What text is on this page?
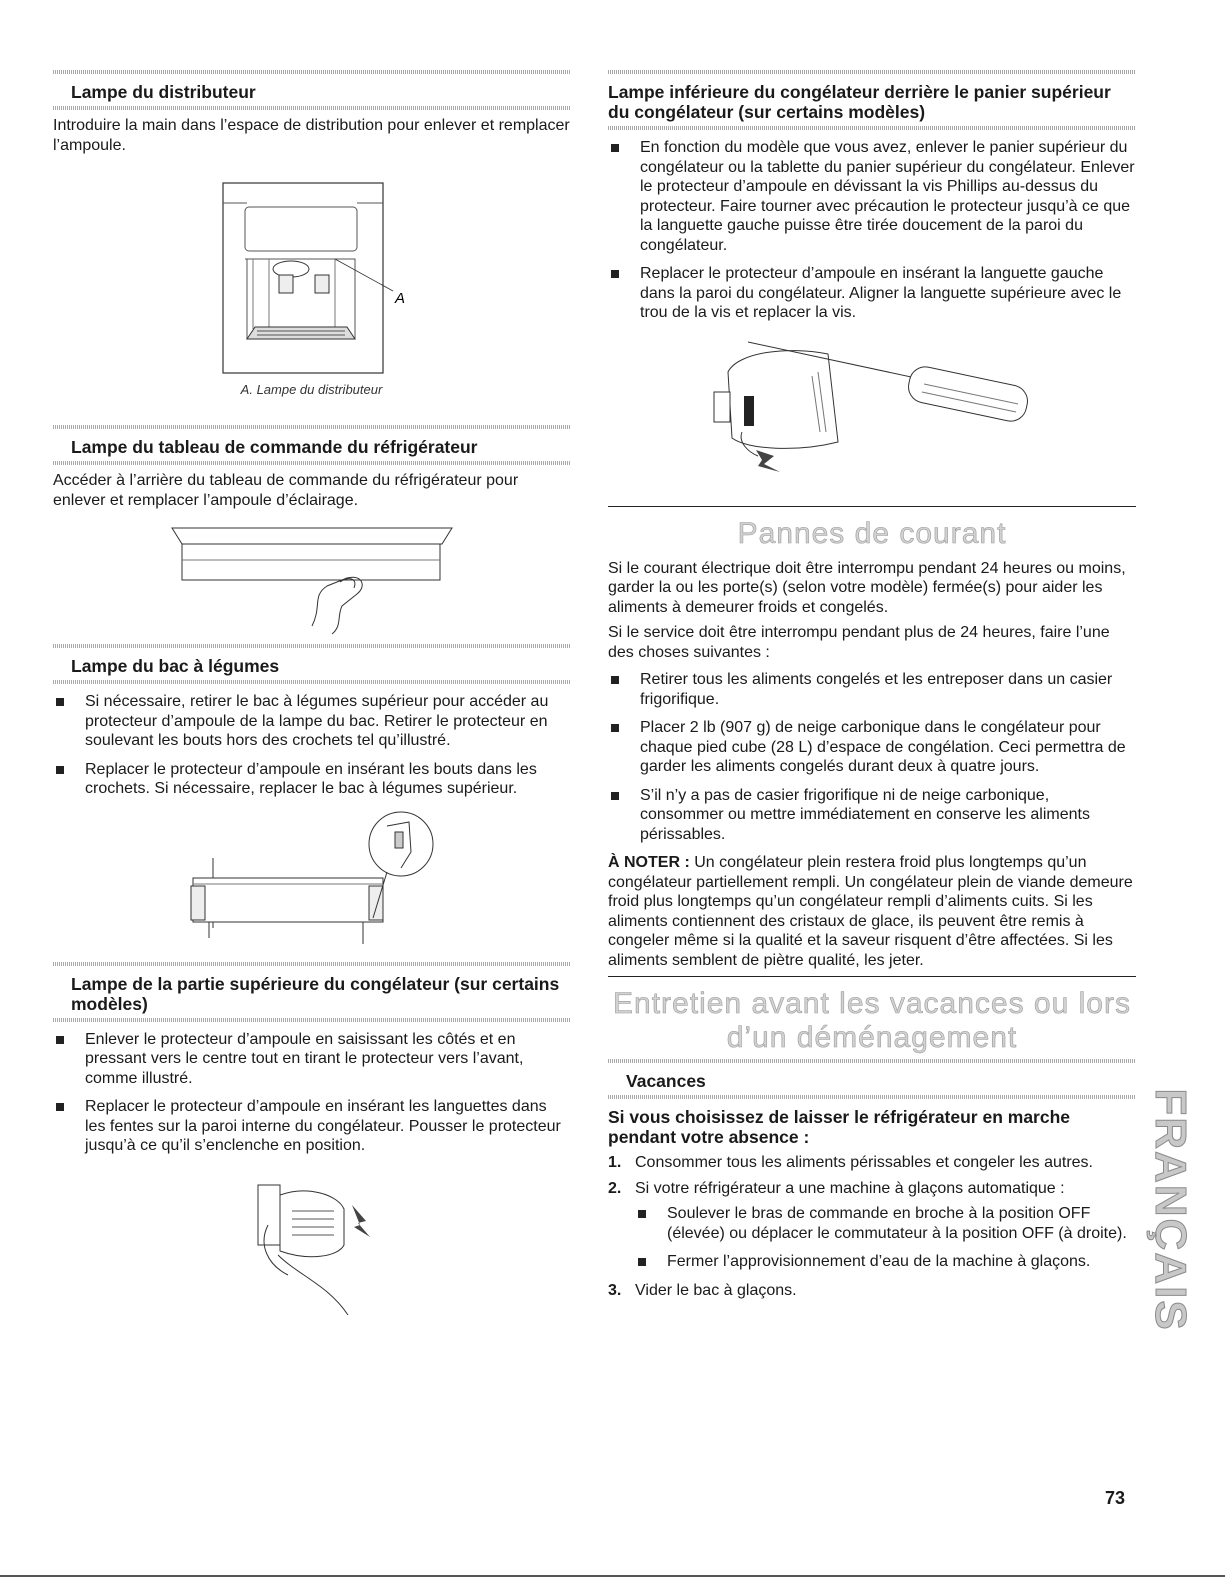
Lampe du distributeur

Introduire la main dans l’espace de distribution pour enlever et remplacer l’ampoule.

A
A. Lampe du distributeur
Lampe du tableau de commande du réfrigérateur

Accéder à l’arrière du tableau de commande du réfrigérateur pour enlever et remplacer l’ampoule d’éclairage.

Lampe du bac à légumes
Si nécessaire, retirer le bac à légumes supérieur pour accéder au protecteur d’ampoule de la lampe du bac. Retirer le protecteur en soulevant les bouts hors des crochets tel qu’illustré.
Replacer le protecteur d’ampoule en insérant les bouts dans les crochets. Si nécessaire, replacer le bac à légumes supérieur.
Lampe de la partie supérieure du congélateur (sur certains modèles)
Enlever le protecteur d’ampoule en saisissant les côtés et en pressant vers le centre tout en tirant le protecteur vers l’avant, comme illustré.
Replacer le protecteur d’ampoule en insérant les languettes dans les fentes sur la paroi interne du congélateur. Pousser le protecteur jusqu’à ce qu’il s’enclenche en position.
Lampe inférieure du congélateur derrière le panier supérieur du congélateur (sur certains modèles)
En fonction du modèle que vous avez, enlever le panier supérieur du congélateur ou la tablette du panier supérieur du congélateur. Enlever le protecteur d’ampoule en dévissant la vis Phillips au-dessus du protecteur. Faire tourner avec précaution le protecteur jusqu’à ce que la languette gauche puisse être tirée doucement de la paroi du congélateur.
Replacer le protecteur d’ampoule en insérant la languette gauche dans la paroi du congélateur. Aligner la languette supérieure avec le trou de la vis et replacer la vis.
Pannes de courant

Si le courant électrique doit être interrompu pendant 24 heures ou moins, garder la ou les porte(s) (selon votre modèle) fermée(s) pour aider les aliments à demeurer froids et congelés.

Si le service doit être interrompu pendant plus de 24 heures, faire l’une des choses suivantes :

Retirer tous les aliments congelés et les entreposer dans un casier frigorifique.
Placer 2 lb (907 g) de neige carbonique dans le congélateur pour chaque pied cube (28 L) d’espace de congélation. Ceci permettra de garder les aliments congelés durant deux à quatre jours.
S’il n’y a pas de casier frigorifique ni de neige carbonique, consommer ou mettre immédiatement en conserve les aliments périssables.

À NOTER : Un congélateur plein restera froid plus longtemps qu’un congélateur partiellement rempli. Un congélateur plein de viande demeure froid plus longtemps qu’un congélateur rempli d’aliments cuits. Si les aliments contiennent des cristaux de glace, ils peuvent être remis à congeler même si la qualité et la saveur risquent d’être affectées. Si les aliments semblent de piètre qualité, les jeter.

Entretien avant les vacances ou lors
d’un déménagement
Vacances
Si vous choisissez de laisser le réfrigérateur en marche pendant votre absence :
1. Consommer tous les aliments périssables et congeler les autres.
2. Si votre réfrigérateur a une machine à glaçons automatique :
Soulever le bras de commande en broche à la position OFF (élevée) ou déplacer le commutateur à la position OFF (à droite).
Fermer l’approvisionnement d’eau de la machine à glaçons.
3. Vider le bac à glaçons.	FRANÇAIS
73
